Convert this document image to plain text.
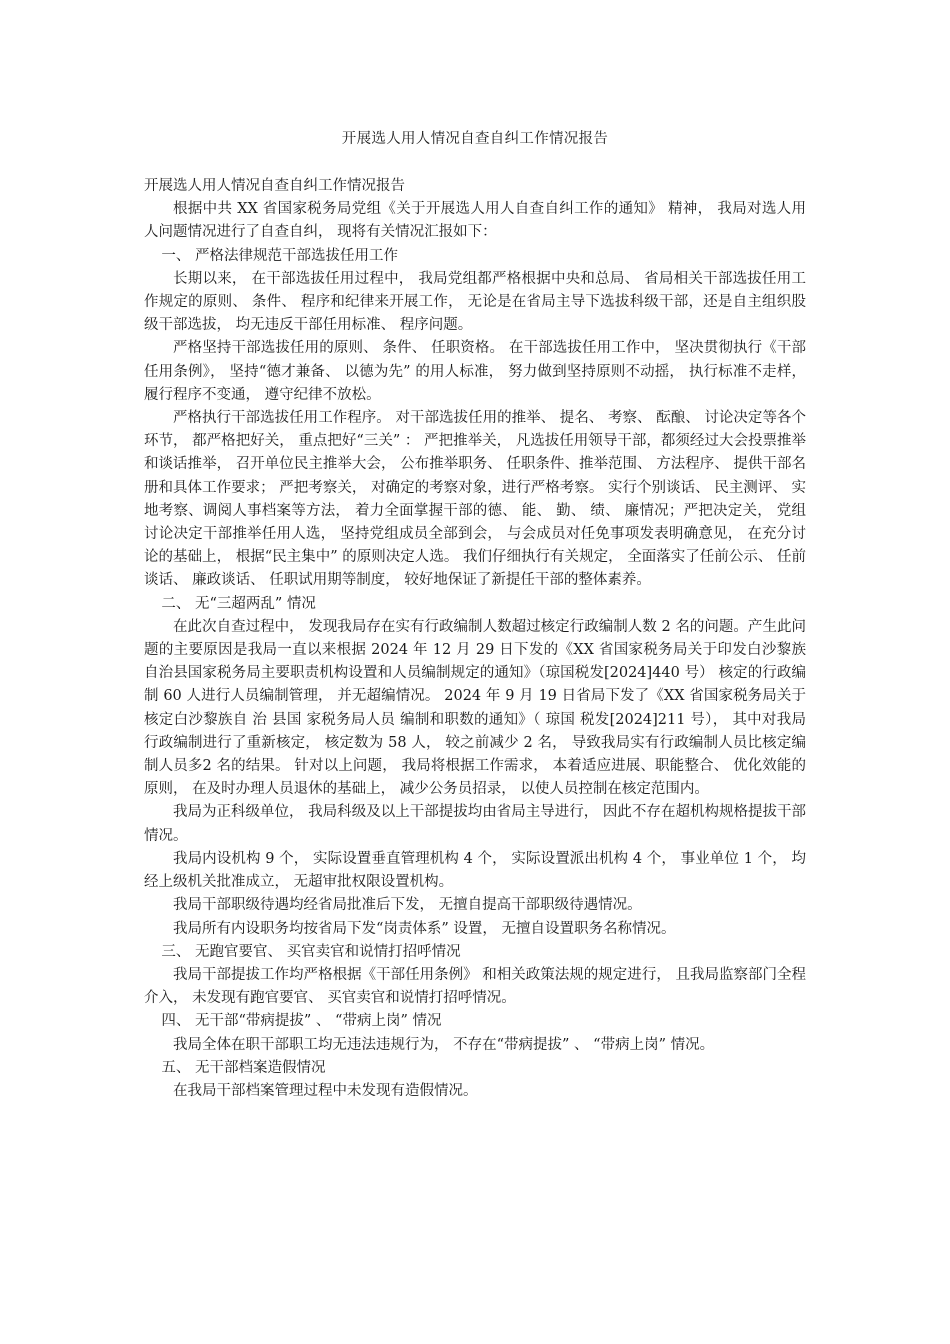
开展选人用人情况自查自纠工作情况报告

开展选人用人情况自查自纠工作情况报告

根据中共 XX 省国家税务局党组《关于开展选人用人自查自纠工作的通知》 精神， 我局对选人用人问题情况进行了自查自纠， 现将有关情况汇报如下：

一、 严格法律规范干部选拔任用工作

长期以来， 在干部选拔任用过程中， 我局党组都严格根据中央和总局、 省局相关干部选拔任用工作规定的原则、 条件、 程序和纪律来开展工作， 无论是在省局主导下选拔科级干部，还是自主组织股级干部选拔， 均无违反干部任用标准、 程序问题。

严格坚持干部选拔任用的原则、 条件、 任职资格。 在干部选拔任用工作中， 坚决贯彻执行《干部任用条例》， 坚持“德才兼备、 以德为先” 的用人标准， 努力做到坚持原则不动摇， 执行标准不走样，履行程序不变通， 遵守纪律不放松。

严格执行干部选拔任用工作程序。 对干部选拔任用的推举、 提名、 考察、 酝酿、 讨论决定等各个环节， 都严格把好关， 重点把好“三关” ： 严把推举关， 凡选拔任用领导干部，都须经过大会投票推举和谈话推举， 召开单位民主推举大会， 公布推举职务、 任职条件、推举范围、 方法程序、 提供干部名册和具体工作要求； 严把考察关， 对确定的考察对象，进行严格考察。 实行个别谈话、 民主测评、 实地考察、调阅人事档案等方法， 着力全面掌握干部的德、 能、 勤、 绩、 廉情况；严把决定关， 党组讨论决定干部推举任用人选， 坚持党组成员全部到会， 与会成员对任免事项发表明确意见， 在充分讨论的基础上， 根据“民主集中” 的原则决定人选。 我们仔细执行有关规定， 全面落实了任前公示、 任前谈话、 廉政谈话、 任职试用期等制度， 较好地保证了新提任干部的整体素养。

二、 无“三超两乱” 情况

在此次自查过程中， 发现我局存在实有行政编制人数超过核定行政编制人数 2 名的问题。产生此问题的主要原因是我局一直以来根据 2024 年 12 月 29 日下发的《XX 省国家税务局关于印发白沙黎族自治县国家税务局主要职责机构设置和人员编制规定的通知》（琼国税发[2024]440 号） 核定的行政编制 60 人进行人员编制管理， 并无超编情况。 2024 年 9 月 19 日省局下发了《XX 省国家税务局关于核定白沙黎族自 治 县国 家税务局人员 编制和职数的通知》（ 琼国 税发[2024]211 号）， 其中对我局行政编制进行了重新核定， 核定数为 58 人， 较之前减少 2 名， 导致我局实有行政编制人员比核定编制人员多2 名的结果。 针对以上问题， 我局将根据工作需求， 本着适应进展、职能整合、 优化效能的原则， 在及时办理人员退休的基础上， 减少公务员招录， 以使人员控制在核定范围内。

我局为正科级单位， 我局科级及以上干部提拔均由省局主导进行， 因此不存在超机构规格提拔干部情况。

我局内设机构 9 个， 实际设置垂直管理机构 4 个， 实际设置派出机构 4 个， 事业单位 1 个， 均经上级机关批准成立， 无超审批权限设置机构。

我局干部职级待遇均经省局批准后下发， 无擅自提高干部职级待遇情况。

我局所有内设职务均按省局下发“岗责体系” 设置， 无擅自设置职务名称情况。

三、 无跑官要官、 买官卖官和说情打招呼情况

我局干部提拔工作均严格根据《干部任用条例》 和相关政策法规的规定进行， 且我局监察部门全程介入， 未发现有跑官要官、 买官卖官和说情打招呼情况。

四、 无干部“带病提拔” 、 “带病上岗” 情况

我局全体在职干部职工均无违法违规行为， 不存在“带病提拔” 、 “带病上岗” 情况。

五、 无干部档案造假情况

在我局干部档案管理过程中未发现有造假情况。
